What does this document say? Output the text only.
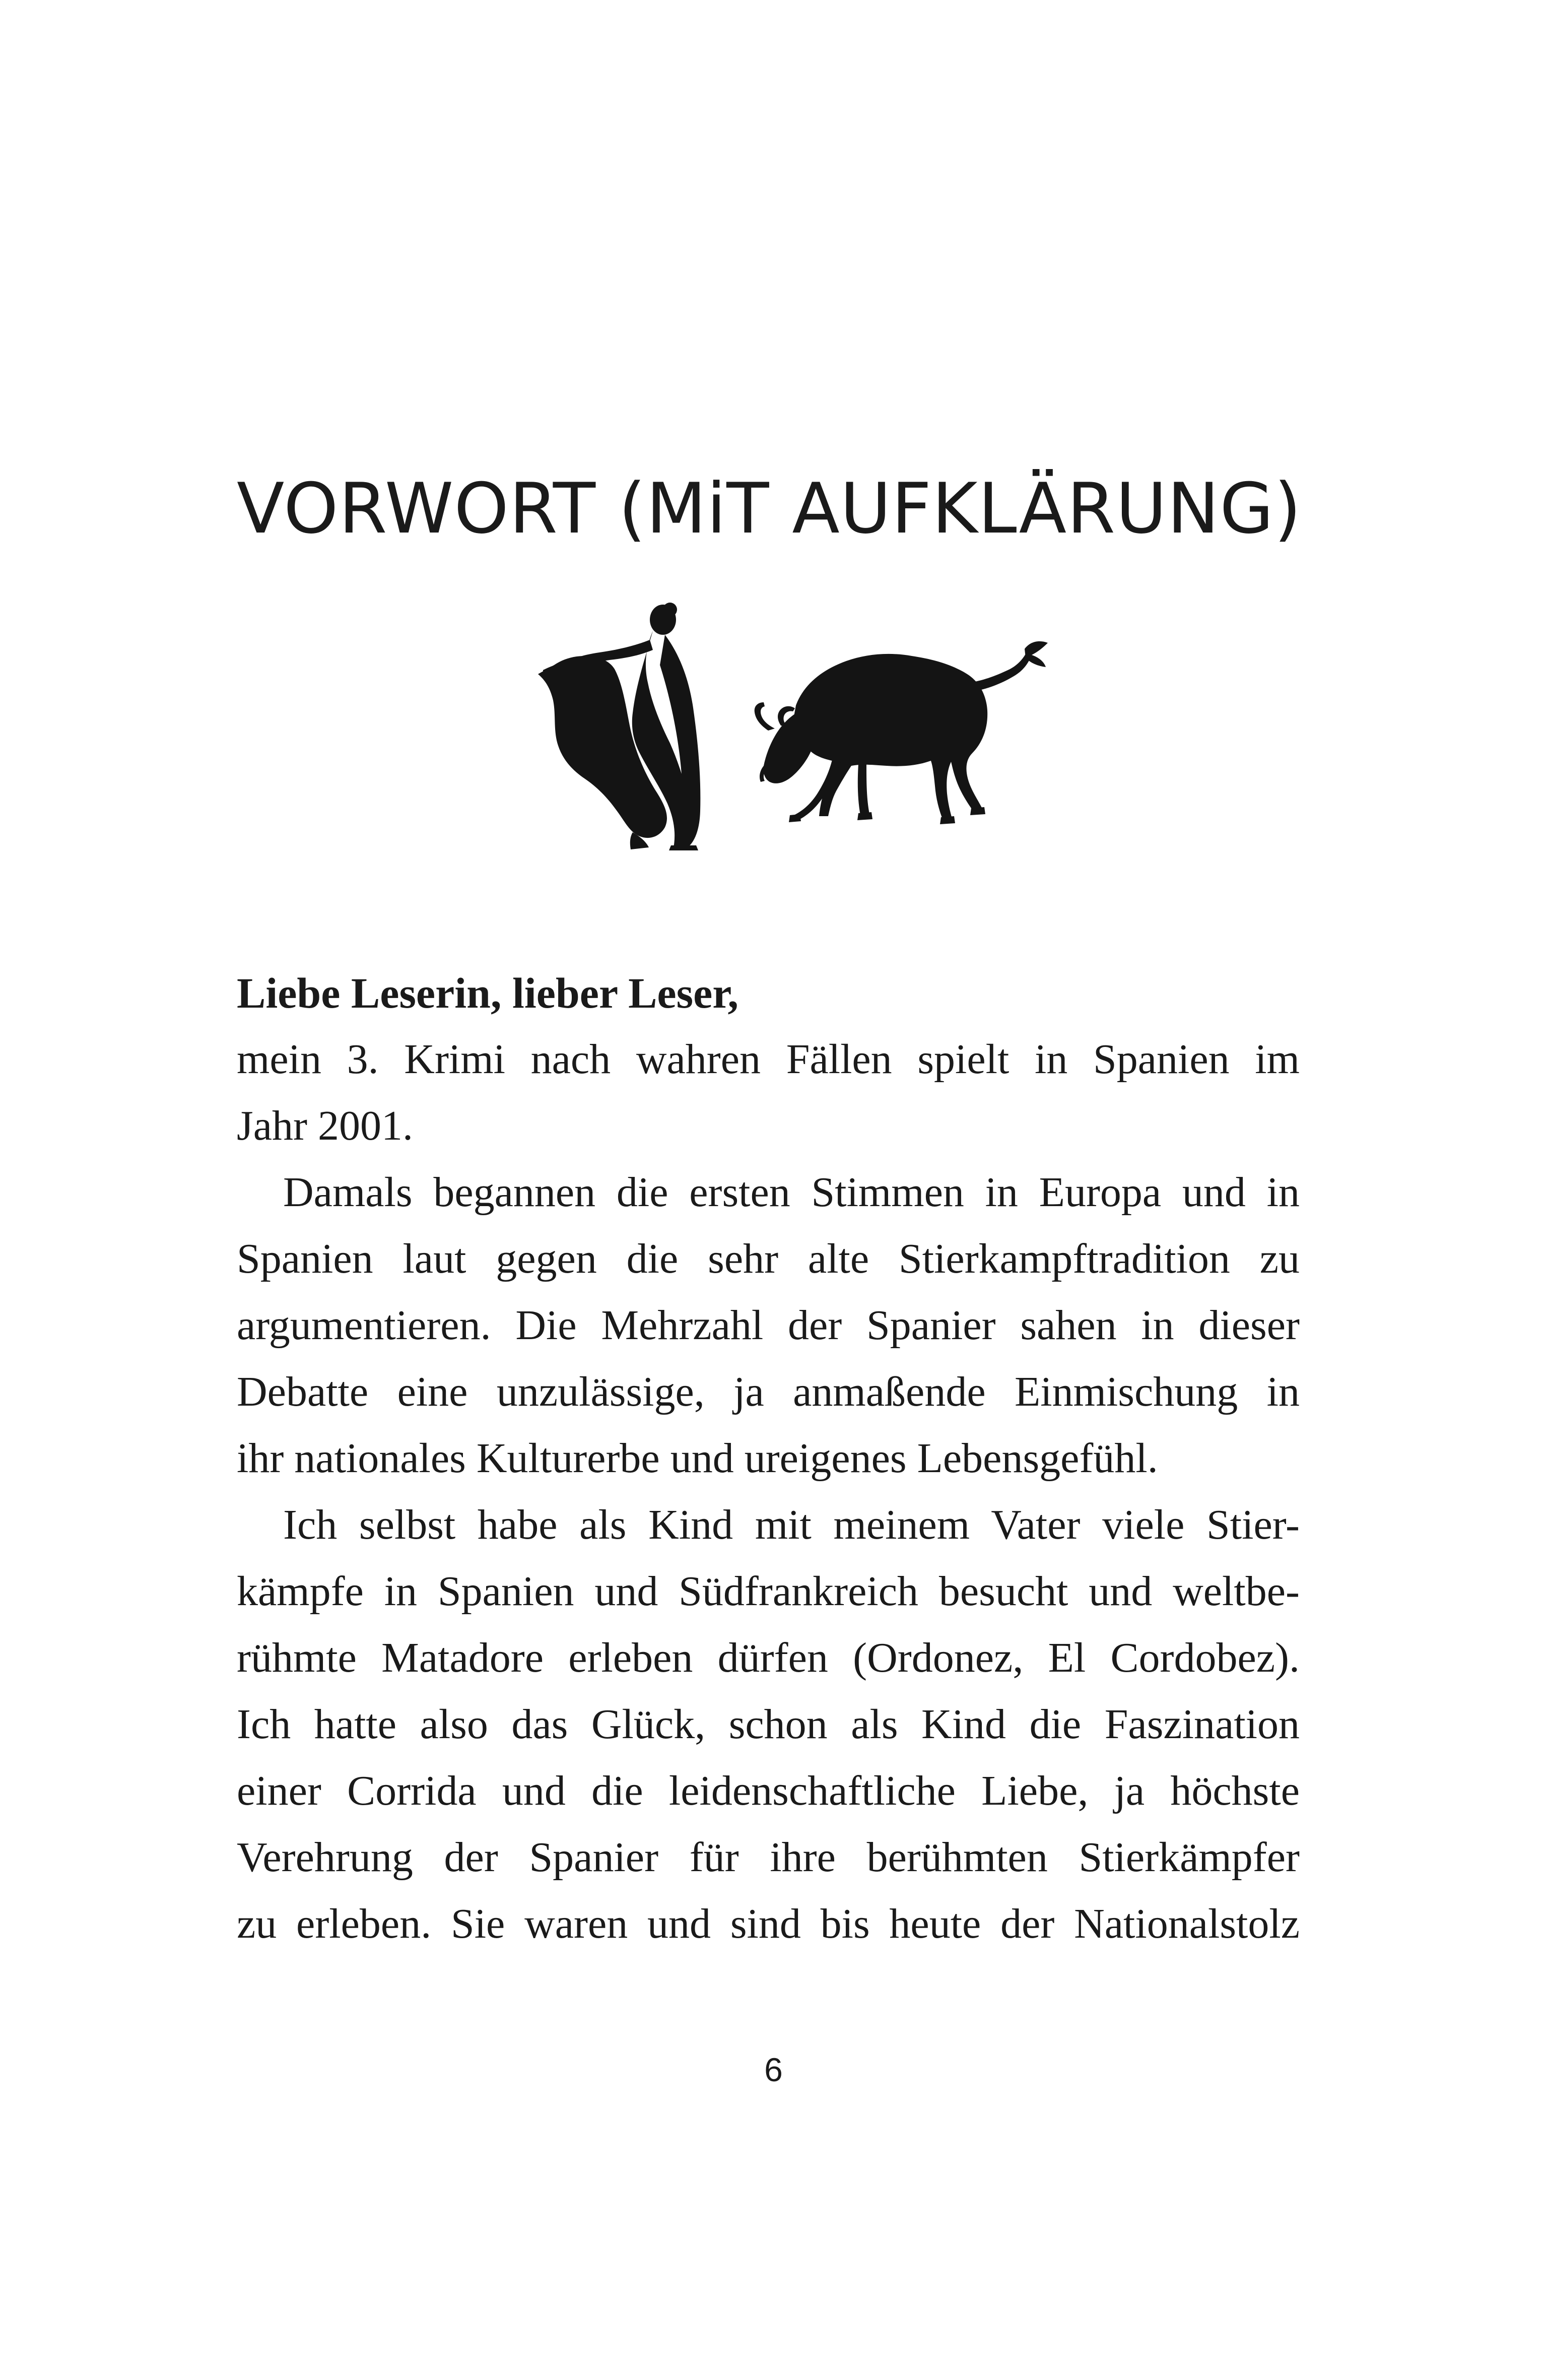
VORWORT (MiT AUFKLÄRUNG)

Liebe Leserin, lieber Leser,

mein 3. Krimi nach wahren Fällen spielt in Spanien im
Jahr 2001.

Damals begannen die ersten Stimmen in Europa und in
Spanien laut gegen die sehr alte Stierkampftradition zu
argumentieren. Die Mehrzahl der Spanier sahen in dieser
Debatte eine unzulässige, ja anmaßende Einmischung in
ihr nationales Kulturerbe und ureigenes Lebensgefühl.

Ich selbst habe als Kind mit meinem Vater viele Stier-
kämpfe in Spanien und Südfrankreich besucht und weltbe-
rühmte Matadore erleben dürfen (Ordonez, El Cordobez).
Ich hatte also das Glück, schon als Kind die Faszination
einer Corrida und die leidenschaftliche Liebe, ja höchste
Verehrung der Spanier für ihre berühmten Stierkämpfer
zu erleben. Sie waren und sind bis heute der Nationalstolz

6
